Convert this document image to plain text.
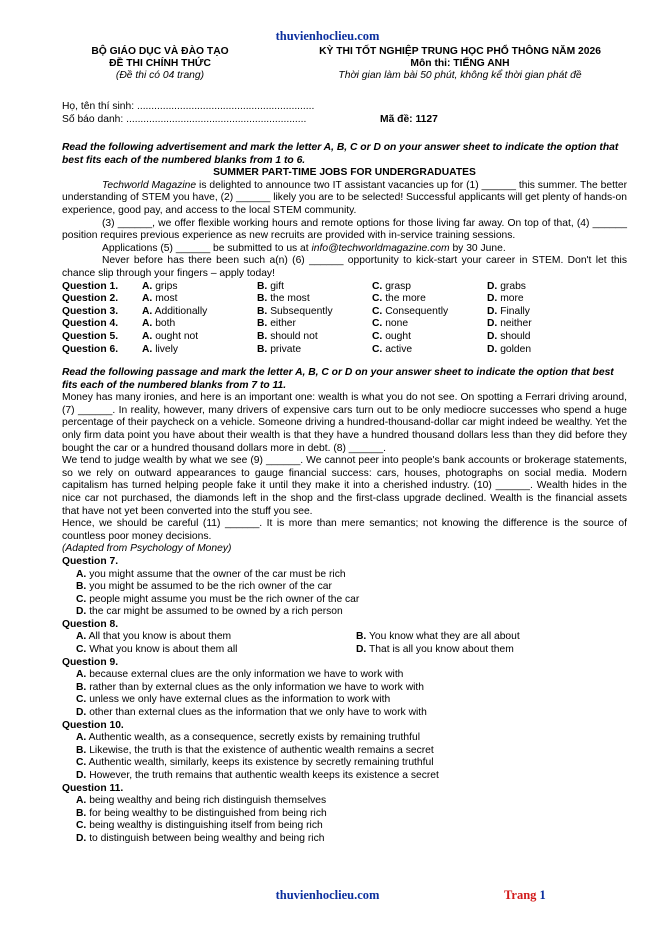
thuvienhoclieu.com
BỘ GIÁO DỤC VÀ ĐÀO TẠO
ĐỀ THI CHÍNH THỨC
(Đề thi có 04 trang)
KỲ THI TỐT NGHIỆP TRUNG HỌC PHỔ THÔNG NĂM 2026
Môn thi: TIẾNG ANH
Thời gian làm bài 50 phút, không kể thời gian phát đề
Họ, tên thí sinh: ..............................................................
Số báo danh: ...............................................................	Mã đề: 1127

Read the following advertisement and mark the letter A, B, C or D on your answer sheet to indicate the option that best fits each of the numbered blanks from 1 to 6.

SUMMER PART-TIME JOBS FOR UNDERGRADUATES

Techworld Magazine is delighted to announce two IT assistant vacancies up for (1) ______ this summer. The better understanding of STEM you have, (2) ______ likely you are to be selected! Successful applicants will get plenty of hands-on experience, good pay, and access to the local STEM community.

(3) ______, we offer flexible working hours and remote options for those living far away. On top of that, (4) ______ position requires previous experience as new recruits are provided with in-service training sessions.

Applications (5) ______ be submitted to us at info@techworldmagazine.com by 30 June.

Never before has there been such a(n) (6) ______ opportunity to kick-start your career in STEM. Don't let this chance slip through your fingers – apply today!

Question 1.	A. grips	B. gift	C. grasp	D. grabs
Question 2.	A. most	B. the most	C. the more	D. more
Question 3.	A. Additionally	B. Subsequently	C. Consequently	D. Finally
Question 4.	A. both	B. either	C. none	D. neither
Question 5.	A. ought not	B. should not	C. ought	D. should
Question 6.	A. lively	B. private	C. active	D. golden

Read the following passage and mark the letter A, B, C or D on your answer sheet to indicate the option that best fits each of the numbered blanks from 7 to 11.

Money has many ironies, and here is an important one: wealth is what you do not see. On spotting a Ferrari driving around, (7) ______. In reality, however, many drivers of expensive cars turn out to be only mediocre successes who spend a huge percentage of their paycheck on a vehicle. Someone driving a hundred-thousand-dollar car might indeed be wealthy. Yet the only firm data point you have about their wealth is that they have a hundred thousand dollars less than they did before they bought the car or a hundred thousand dollars more in debt. (8) ______.

We tend to judge wealth by what we see (9) ______. We cannot peer into people's bank accounts or brokerage statements, so we rely on outward appearances to gauge financial success: cars, houses, photographs on social media. Modern capitalism has turned helping people fake it until they make it into a cherished industry. (10) ______. Wealth hides in the nice car not purchased, the diamonds left in the shop and the first-class upgrade declined. Wealth is the financial assets that have not yet been converted into the stuff you see.

Hence, we should be careful (11) ______. It is more than mere semantics; not knowing the difference is the source of countless poor money decisions.

(Adapted from Psychology of Money)

Question 7.
A. you might assume that the owner of the car must be rich
B. you might be assumed to be the rich owner of the car
C. people might assume you must be the rich owner of the car
D. the car might be assumed to be owned by a rich person
Question 8.
A. All that you know is about them	B. You know what they are all about
C. What you know is about them all	D. That is all you know about them
Question 9.
A. because external clues are the only information we have to work with
B. rather than by external clues as the only information we have to work with
C. unless we only have external clues as the information to work with
D. other than external clues as the information that we only have to work with
Question 10.
A. Authentic wealth, as a consequence, secretly exists by remaining truthful
B. Likewise, the truth is that the existence of authentic wealth remains a secret
C. Authentic wealth, similarly, keeps its existence by secretly remaining truthful
D. However, the truth remains that authentic wealth keeps its existence a secret
Question 11.
A. being wealthy and being rich distinguish themselves
B. for being wealthy to be distinguished from being rich
C. being wealthy is distinguishing itself from being rich
D. to distinguish between being wealthy and being rich
thuvienhoclieu.com	Trang 1
